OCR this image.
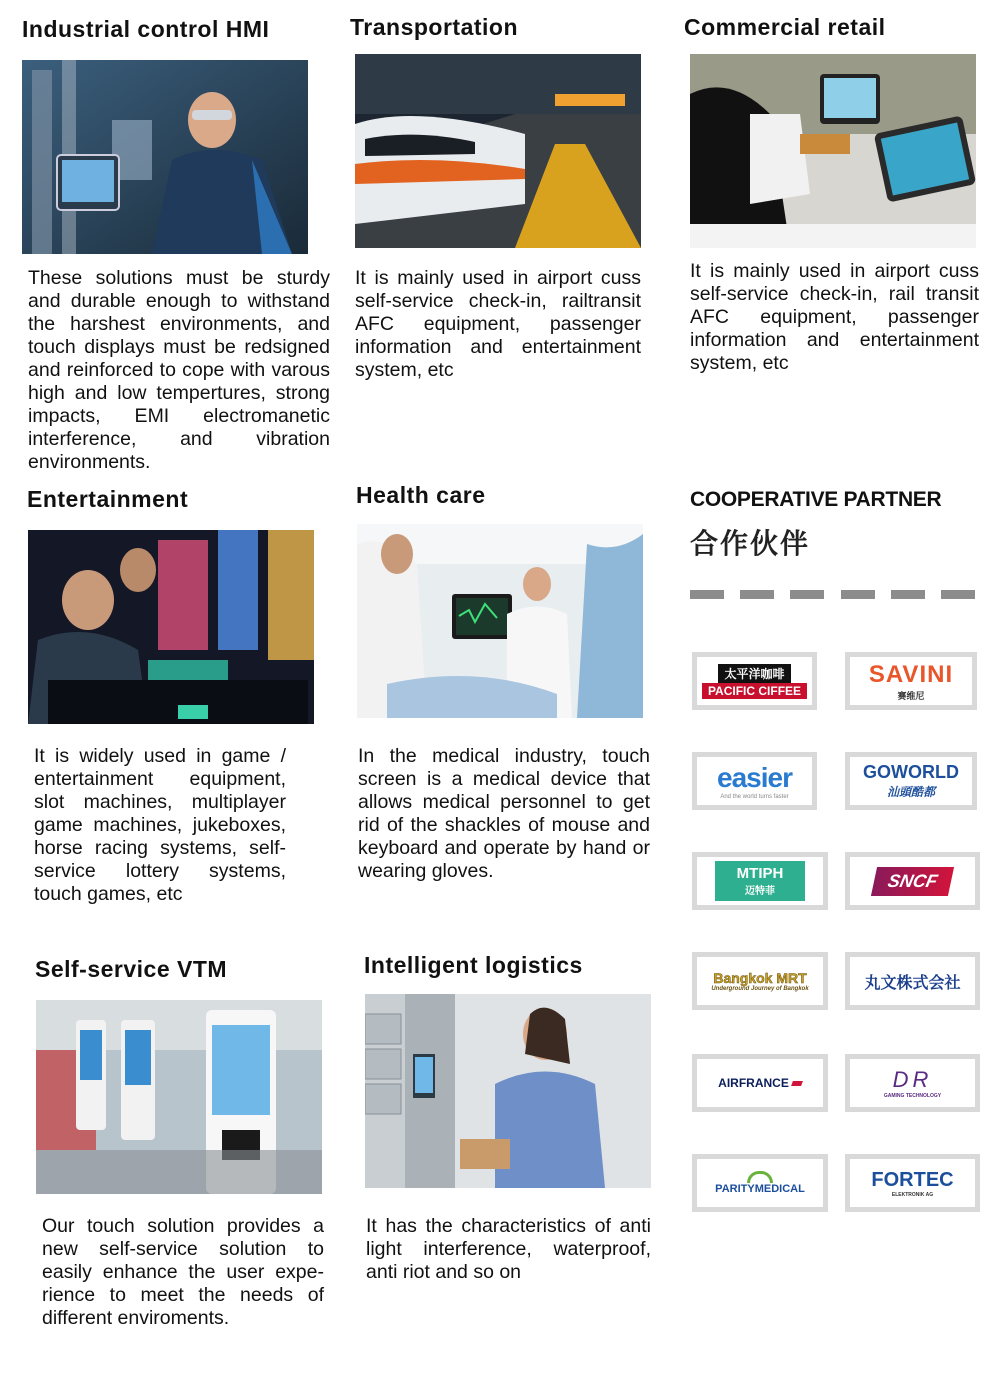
Industrial control HMI
These solutions must be sturdy and durable enough to withstand the harshest environments, and touch displays must be redsigned and reinforced to cope with varous high and low tempertures, strong impacts, EMI electromanetic interference, and vibration environments.
Transportation
It is mainly used in airport cuss self-service check-in, railtransit AFC equipment, passenger information and entertainment system, etc
Commercial retail
It is mainly used in airport cuss self-service check-in, rail transit AFC equipment, passenger information and entertainment system, etc
Entertainment
It is widely used in game / entertainment equipment, slot machines, multiplayer game machines, jukeboxes, horse racing systems, self-service lottery systems, touch games, etc
Health care
In the medical industry, touch screen is a medical device that allows medical personnel to get rid of the shackles of mouse and keyboard and operate by hand or wearing gloves.
COOPERATIVE PARTNER
合作伙伴
太平洋咖啡
PACIFIC CIFFEE
SAVINI
赛维尼
easier
And the world turns faster
GOWORLD
汕頭酷都
MTIPH
迈特菲
SNCF
Bangkok MRT
Underground Journey of Bangkok	丸文株式会社
AIRFRANCE	DR
GAMING TECHNOLOGY
PARITYMEDICAL	FORTEC
ELEKTRONIK AG
Self-service VTM
Our touch solution provides a new self-service solution to easily enhance the user experience to meet the needs of different enviroments.
Intelligent logistics
It has the characteristics of anti light interference, waterproof, anti riot and so on
